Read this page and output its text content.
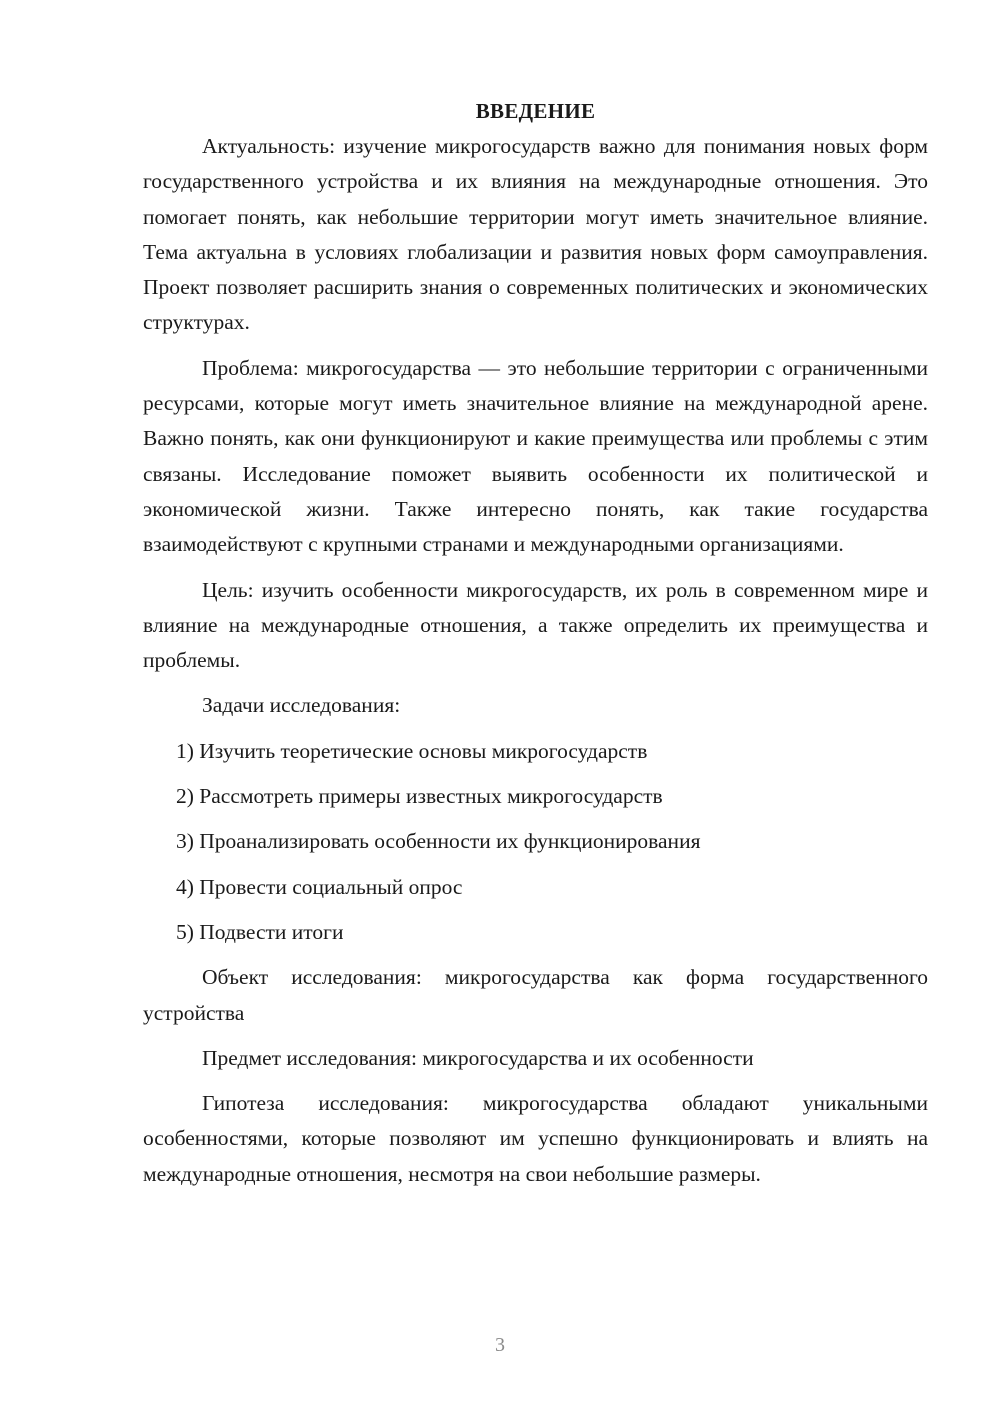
ВВЕДЕНИЕ

Актуальность: изучение микрогосударств важно для понимания новых форм государственного устройства и их влияния на международные отношения. Это помогает понять, как небольшие территории могут иметь значительное влияние. Тема актуальна в условиях глобализации и развития новых форм самоуправления. Проект позволяет расширить знания о современных политических и экономических структурах.

Проблема: микрогосударства — это небольшие территории с ограниченными ресурсами, которые могут иметь значительное влияние на международной арене. Важно понять, как они функционируют и какие преимущества или проблемы с этим связаны. Исследование поможет выявить особенности их политической и экономической жизни. Также интересно понять, как такие государства взаимодействуют с крупными странами и международными организациями.

Цель: изучить особенности микрогосударств, их роль в современном мире и влияние на международные отношения, а также определить их преимущества и проблемы.

Задачи исследования:

1) Изучить теоретические основы микрогосударств
2) Рассмотреть примеры известных микрогосударств
3) Проанализировать особенности их функционирования
4) Провести социальный опрос
5) Подвести итоги

Объект исследования: микрогосударства как форма государственного устройства

Предмет исследования: микрогосударства и их особенности

Гипотеза исследования: микрогосударства обладают уникальными особенностями, которые позволяют им успешно функционировать и влиять на международные отношения, несмотря на свои небольшие размеры.

3
